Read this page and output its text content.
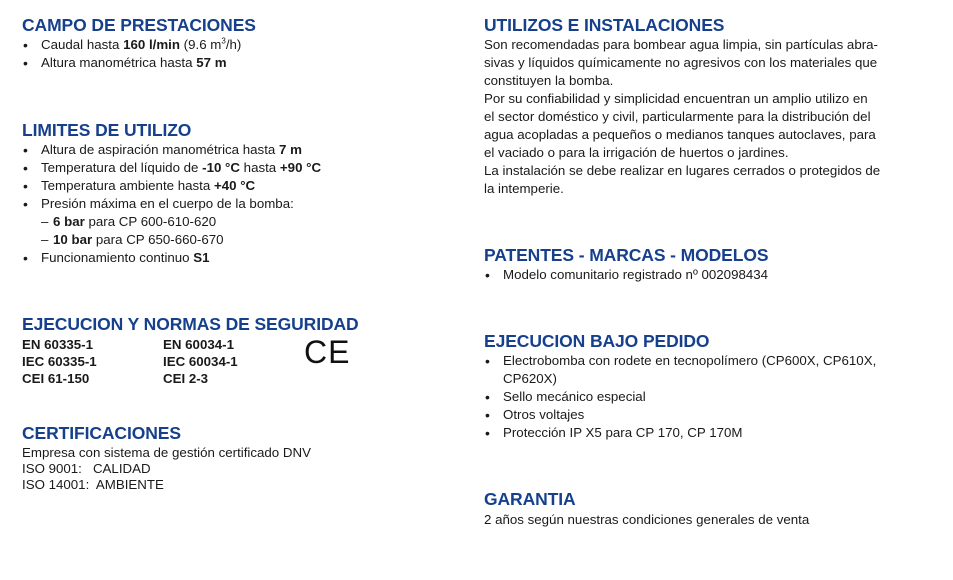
CAMPO DE PRESTACIONES
• Caudal hasta 160 l/min (9.6 $m^3/h$)
• Altura manométrica hasta 57 m
LIMITES DE UTILIZO
• Altura de aspiración manométrica hasta 7 m
• Temperatura del líquido de -10 °C hasta +90 °C
• Temperatura ambiente hasta +40 °C
• Presión máxima en el cuerpo de la bomba:
– 6 bar para CP 600-610-620
– 10 bar para CP 650-660-670
• Funcionamiento continuo S1
EJECUCION Y NORMAS DE SEGURIDAD
EN 60335-1
IEC 60335-1
CEI 61-150
EN 60034-1
IEC 60034-1
CEI 2-3
CE
CERTIFICACIONES
Empresa con sistema de gestión certificado DNV
ISO 9001:   CALIDAD
ISO 14001:  AMBIENTE
UTILIZOS E INSTALACIONES
Son recomendadas para bombear agua limpia, sin partículas abra-
sivas y líquidos químicamente no agresivos con los materiales que
constituyen la bomba.
Por su confiabilidad y simplicidad encuentran un amplio utilizo en
el sector doméstico y civil, particularmente para la distribución del
agua acopladas a pequeños o medianos tanques autoclaves, para
el vaciado o para la irrigación de huertos o jardines.
La instalación se debe realizar en lugares cerrados o protegidos de
la intemperie.
PATENTES - MARCAS - MODELOS
• Modelo comunitario registrado nº 002098434
EJECUCION BAJO PEDIDO
• Electrobomba con rodete en tecnopolímero (CP600X, CP610X, CP620X)
• Sello mecánico especial
• Otros voltajes
• Protección IP X5 para CP 170, CP 170M
GARANTIA
2 años según nuestras condiciones generales de venta
